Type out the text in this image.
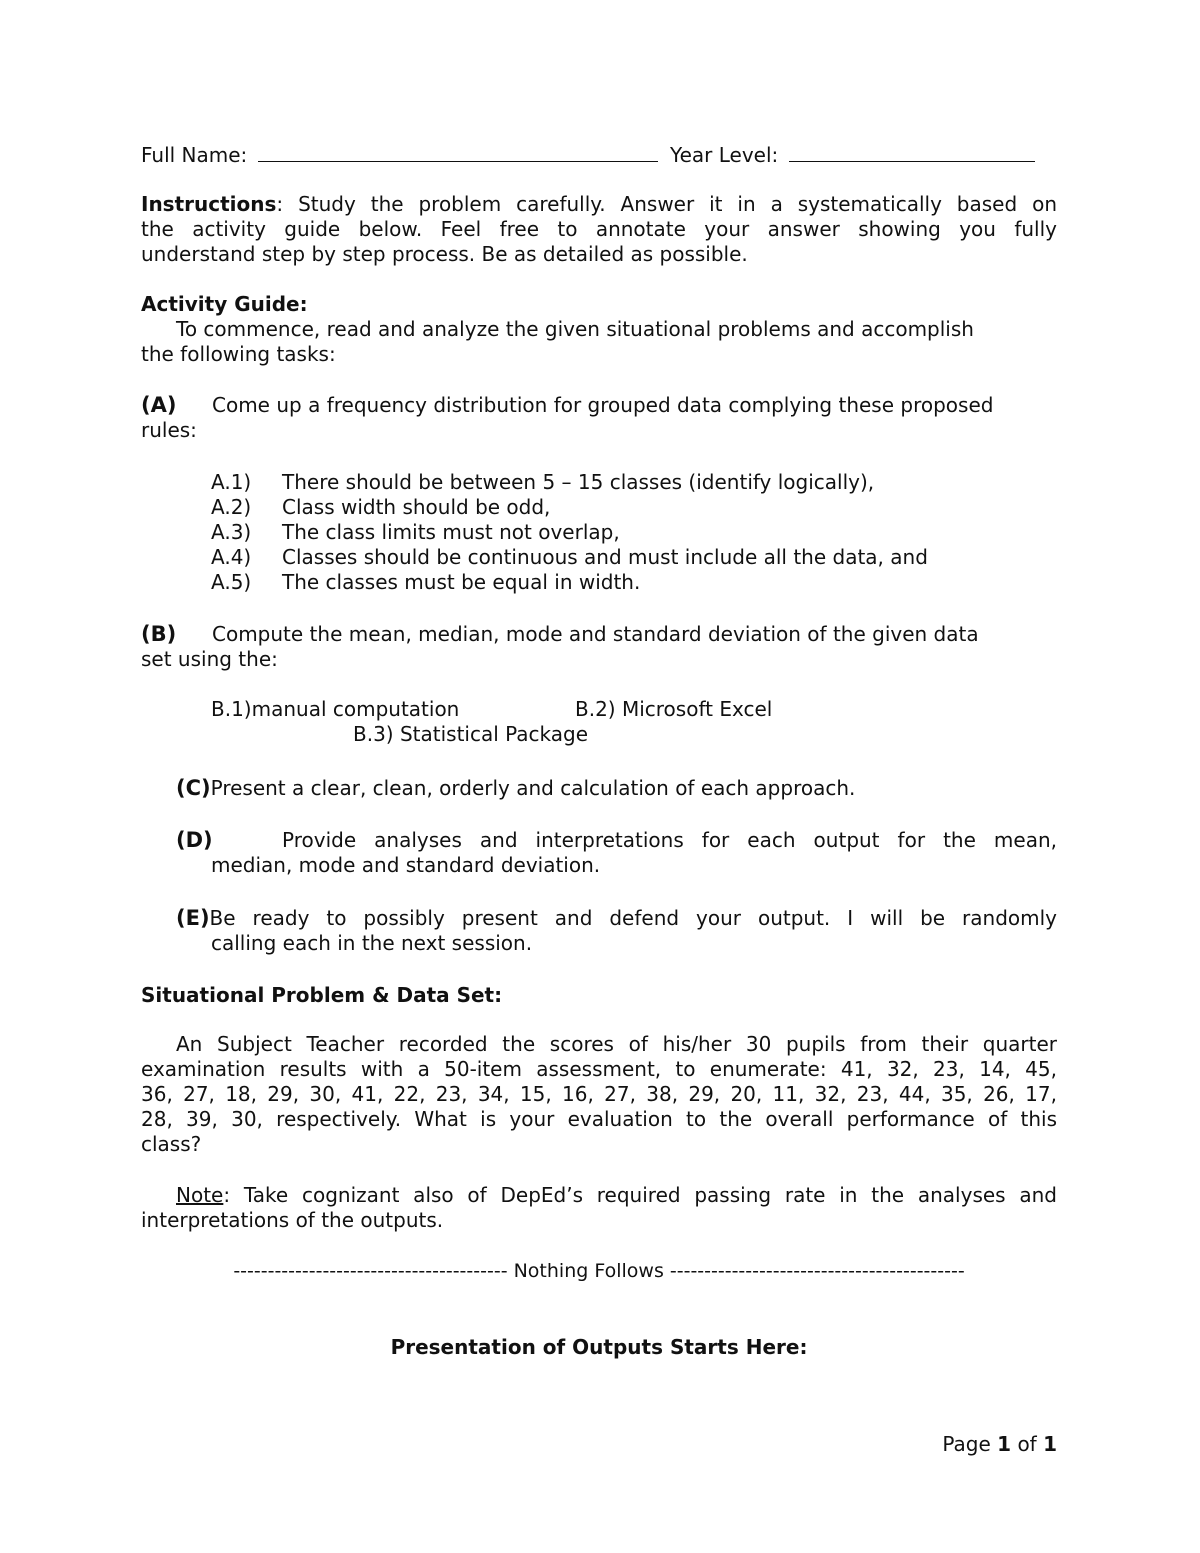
Full Name:	Year Level:
Instructions: Study the problem carefully. Answer it in a systematically based on
the activity guide below. Feel free to annotate your answer showing you fully
understand step by step process. Be as detailed as possible.
Activity Guide:
To commence, read and analyze the given situational problems and accomplish
the following tasks:
(A) Come up a frequency distribution for grouped data complying these proposed
rules:
A.1) There should be between 5 – 15 classes (identify logically),
A.2) Class width should be odd,
A.3) The class limits must not overlap,
A.4) Classes should be continuous and must include all the data, and
A.5) The classes must be equal in width.
(B) Compute the mean, median, mode and standard deviation of the given data
set using the:
B.1)manual computation	B.2) Microsoft Excel
B.3) Statistical Package
(C)Present a clear, clean, orderly and calculation of each approach.
(D)	Provide analyses and interpretations for each output for the mean,
median, mode and standard deviation.
(E)Be ready to possibly present and defend your output. I will be randomly
calling each in the next session.
Situational Problem & Data Set:
An Subject Teacher recorded the scores of his/her 30 pupils from their quarter
examination results with a 50-item assessment, to enumerate: 41, 32, 23, 14, 45,
36, 27, 18, 29, 30, 41, 22, 23, 34, 15, 16, 27, 38, 29, 20, 11, 32, 23, 44, 35, 26, 17,
28, 39, 30, respectively. What is your evaluation to the overall performance of this
class?
Note: Take cognizant also of DepEd’s required passing rate in the analyses and
interpretations of the outputs.
---------------------------------------- Nothing Follows -------------------------------------------
Presentation of Outputs Starts Here:
Page 1 of 1
